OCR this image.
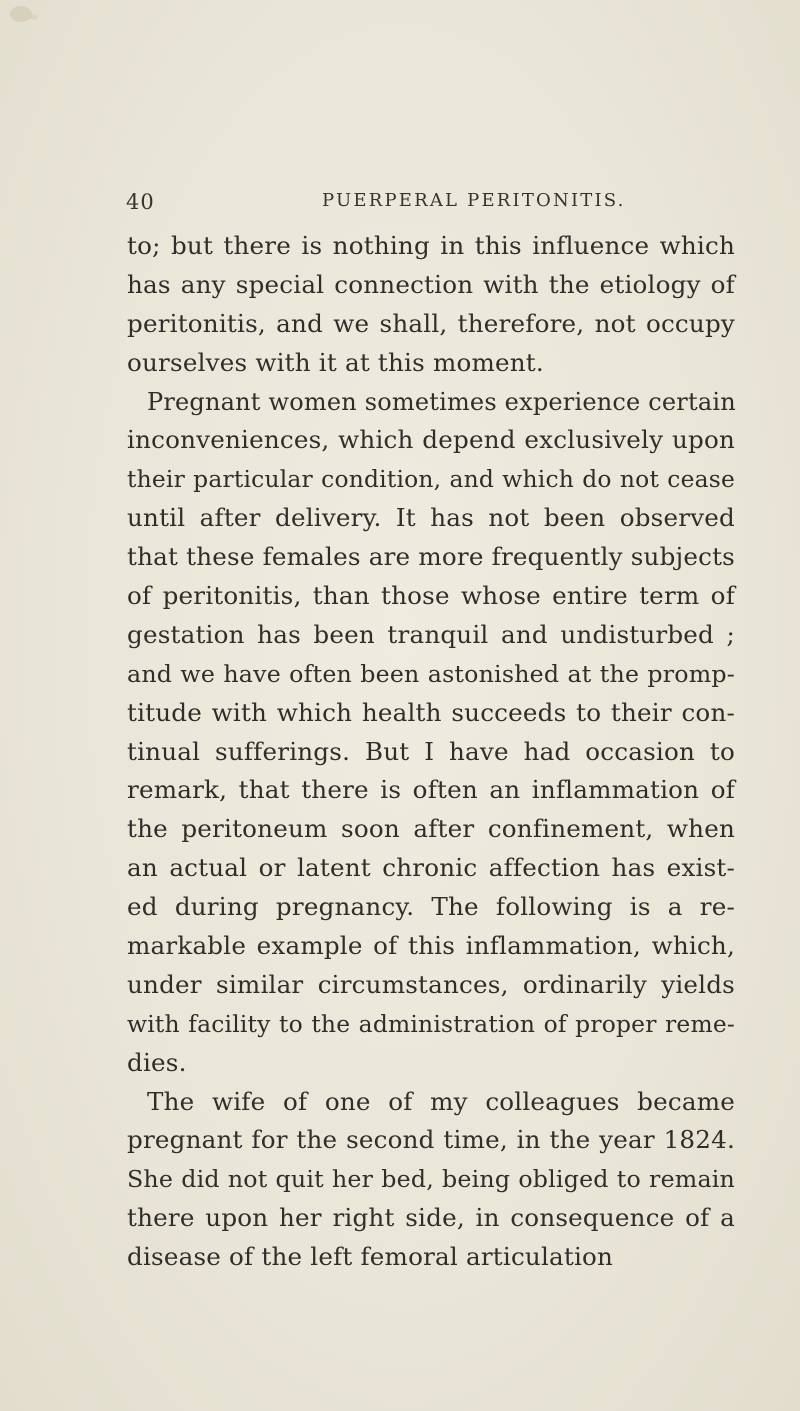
40	PUERPERAL PERITONITIS.
to; but there is nothing in this influence which
has any special connection with the etiology of
peritonitis, and we shall, therefore, not occupy
ourselves with it at this moment.
Pregnant women sometimes experience certain
inconveniences, which depend exclusively upon
their particular condition, and which do not cease
until after delivery. It has not been observed
that these females are more frequently subjects
of peritonitis, than those whose entire term of
gestation has been tranquil and undisturbed ;
and we have often been astonished at the promp-
titude with which health succeeds to their con-
tinual sufferings. But I have had occasion to
remark, that there is often an inflammation of
the peritoneum soon after confinement, when
an actual or latent chronic affection has exist-
ed during pregnancy. The following is a re-
markable example of this inflammation, which,
under similar circumstances, ordinarily yields
with facility to the administration of proper reme-
dies.
The wife of one of my colleagues became
pregnant for the second time, in the year 1824.
She did not quit her bed, being obliged to remain
there upon her right side, in consequence of a
disease of the left femoral articulation
